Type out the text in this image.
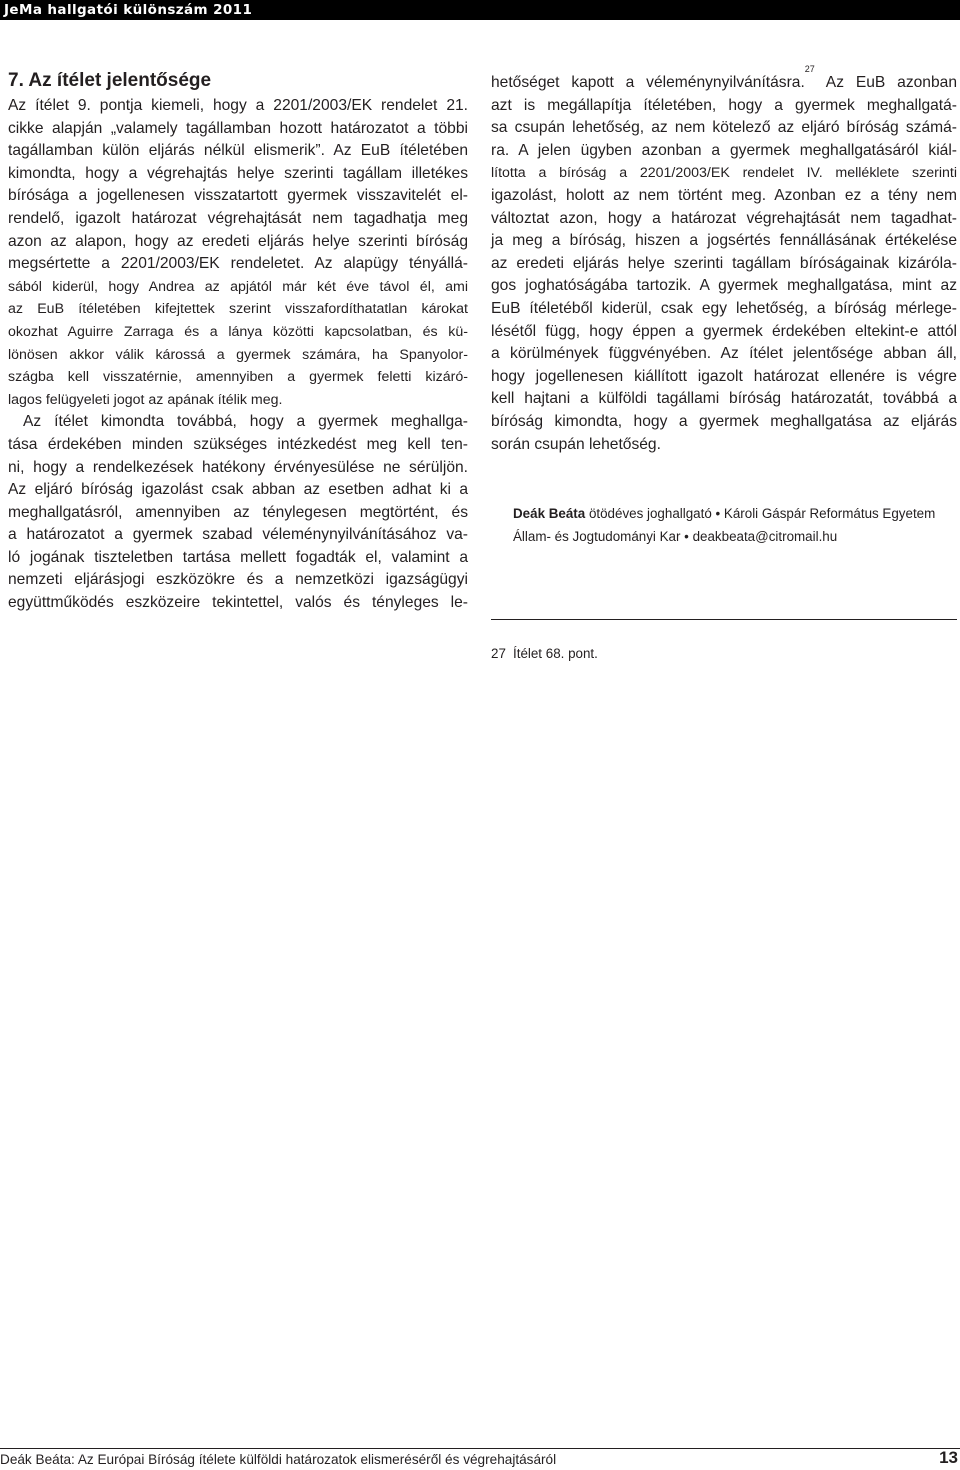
JeMa hallgatói különszám 2011
7. Az ítélet jelentősége

Az ítélet 9. pontja kiemeli, hogy a 2201/2003/EK rendelet 21.

cikke alapján „valamely tagállamban hozott határozatot a többi

tagállamban külön eljárás nélkül elismerik”. Az EuB ítéletében

kimondta, hogy a végrehajtás helye szerinti tagállam illetékes

bírósága a jogellenesen visszatartott gyermek visszavitelét el-

rendelő, igazolt határozat végrehajtását nem tagadhatja meg

azon az alapon, hogy az eredeti eljárás helye szerinti bíróság

megsértette a 2201/2003/EK rendeletet. Az alapügy tényállá-

sából kiderül, hogy Andrea az apjától már két éve távol él, ami

az EuB ítéletében kifejtettek szerint visszafordíthatatlan károkat

okozhat Aguirre Zarraga és a lánya közötti kapcsolatban, és kü-

lönösen akkor válik károssá a gyermek számára, ha Spanyolor-

szágba kell visszatérnie, amennyiben a gyermek feletti kizáró-

lagos felügyeleti jogot az apának ítélik meg.

Az ítélet kimondta továbbá, hogy a gyermek meghallga-

tása érdekében minden szükséges intézkedést meg kell ten-

ni, hogy a rendelkezések hatékony érvényesülése ne sérüljön.

Az eljáró bíróság igazolást csak abban az esetben adhat ki a

meghallgatásról, amennyiben az ténylegesen megtörtént, és

a határozatot a gyermek szabad véleménynyilvánításához va-

ló jogának tiszteletben tartása mellett fogadták el, valamint a

nemzeti eljárásjogi eszközökre és a nemzetközi igazságügyi

együttműködés eszközeire tekintettel, valós és tényleges le-

hetőséget kapott a véleménynyilvánításra.$^{27}$ Az EuB azonban

azt is megállapítja ítéletében, hogy a gyermek meghallgatá-

sa csupán lehetőség, az nem kötelező az eljáró bíróság számá-

ra. A jelen ügyben azonban a gyermek meghallgatásáról kiál-

lította a bíróság a 2201/2003/EK rendelet IV. melléklete szerinti

igazolást, holott az nem történt meg. Azonban ez a tény nem

változtat azon, hogy a határozat végrehajtását nem tagadhat-

ja meg a bíróság, hiszen a jogsértés fennállásának értékelése

az eredeti eljárás helye szerinti tagállam bíróságainak kizáróla-

gos joghatóságába tartozik. A gyermek meghallgatása, mint az

EuB ítéletéből kiderül, csak egy lehetőség, a bíróság mérlege-

lésétől függ, hogy éppen a gyermek érdekében eltekint-e attól

a körülmények függvényében. Az ítélet jelentősége abban áll,

hogy jogellenesen kiállított igazolt határozat ellenére is végre

kell hajtani a külföldi tagállami bíróság határozatát, továbbá a

bíróság kimondta, hogy a gyermek meghallgatása az eljárás

során csupán lehetőség.

Deák Beáta ötödéves joghallgató • Károli Gáspár Református Egyetem
Állam- és Jogtudományi Kar • deakbeata@citromail.hu
27 Ítélet 68. pont.
Deák Beáta: Az Európai Bíróság ítélete külföldi határozatok elismeréséről és végrehajtásáról	13
